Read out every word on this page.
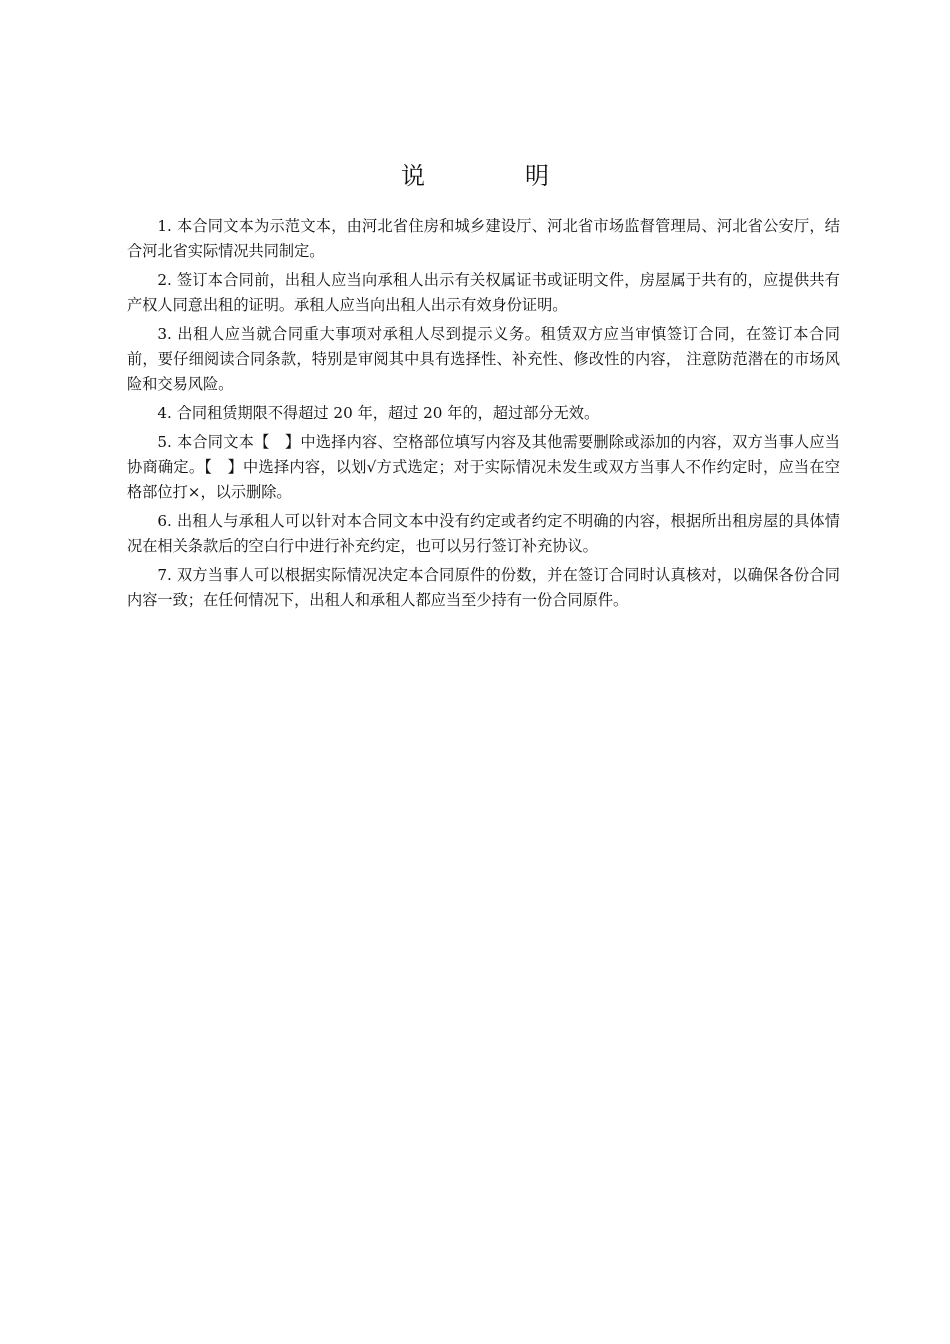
说　明

1. 本合同文本为示范文本，由河北省住房和城乡建设厅、河北省市场监督管理局、河北省公安厅，结合河北省实际情况共同制定。

2. 签订本合同前，出租人应当向承租人出示有关权属证书或证明文件，房屋属于共有的，应提供共有产权人同意出租的证明。承租人应当向出租人出示有效身份证明。

3. 出租人应当就合同重大事项对承租人尽到提示义务。租赁双方应当审慎签订合同，在签订本合同前，要仔细阅读合同条款，特别是审阅其中具有选择性、补充性、修改性的内容， 注意防范潜在的市场风险和交易风险。

4. 合同租赁期限不得超过 20 年，超过 20 年的，超过部分无效。

5. 本合同文本【　】中选择内容、空格部位填写内容及其他需要删除或添加的内容，双方当事人应当协商确定。【　】中选择内容，以划√方式选定；对于实际情况未发生或双方当事人不作约定时，应当在空格部位打×，以示删除。

6. 出租人与承租人可以针对本合同文本中没有约定或者约定不明确的内容，根据所出租房屋的具体情况在相关条款后的空白行中进行补充约定，也可以另行签订补充协议。

7. 双方当事人可以根据实际情况决定本合同原件的份数，并在签订合同时认真核对，以确保各份合同内容一致；在任何情况下，出租人和承租人都应当至少持有一份合同原件。
